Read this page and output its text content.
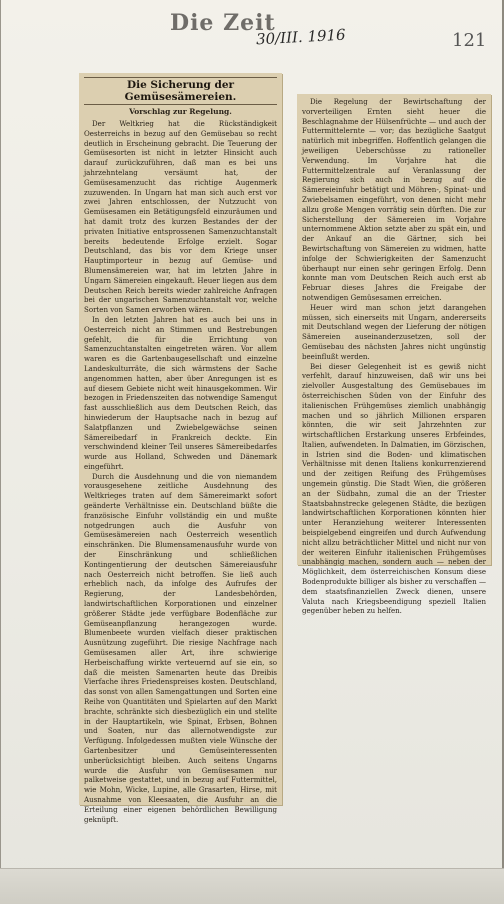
Die Zeit
30/III. 1916	121
Die Sicherung der Gemüsesämereien.
Vorschlag zur Regelung.

Der Weltkrieg hat die Rückständigkeit Oesterreichs in bezug auf den Gemüsebau so recht deutlich in Erscheinung gebracht. Die Teuerung der Gemüsesorten ist nicht in letzter Hinsicht auch darauf zurückzuführen, daß man es bei uns jahrzehntelang versäumt hat, der Gemüsesamenzucht das richtige Augenmerk zuzuwenden. In Ungarn hat man sich auch erst vor zwei Jahren entschlossen, der Nutzzucht von Gemüsesamen ein Betätigungsfeld einzuräumen und hat damit trotz des kurzen Bestandes der der privaten Initiative entsprossenen Samenzuchtanstalt bereits bedeutende Erfolge erzielt. Sogar Deutschland, das bis vor dem Kriege unser Hauptimporteur in bezug auf Gemüse- und Blumensämereien war, hat im letzten Jahre in Ungarn Sämereien eingekauft. Heuer liegen aus dem Deutschen Reich bereits wieder zahlreiche Anfragen bei der ungarischen Samenzuchtanstalt vor, welche Sorten von Samen erworben wären.

In den letzten Jahren hat es auch bei uns in Oesterreich nicht an Stimmen und Bestrebungen gefehlt, die für die Errichtung von Samenzuchtanstalten eingetreten wären. Vor allem waren es die Gartenbaugesellschaft und einzelne Landeskulturräte, die sich wärmstens der Sache angenommen hatten, aber über Anregungen ist es auf diesem Gebiete nicht weit hinausgekommen. Wir bezogen in Friedenszeiten das notwendige Samengut fast ausschließlich aus dem Deutschen Reich, das hinwiederum der Hauptsache nach in bezug auf Salatpflanzen und Zwiebelgewächse seinen Sämereibedarf in Frankreich deckte. Ein verschwindend kleiner Teil unseres Sämereibedarfes wurde aus Holland, Schweden und Dänemark eingeführt.

Durch die Ausdehnung und die von niemandem vorausgesehene zeitliche Ausdehnung des Weltkrieges traten auf dem Sämereimarkt sofort geänderte Verhältnisse ein. Deutschland büßte die französische Einfuhr vollständig ein und mußte notgedrungen auch die Ausfuhr von Gemüsesämereien nach Oesterreich wesentlich einschränken. Die Blumensamenausfuhr wurde von der Einschränkung und schließlichen Kontingentierung der deutschen Sämereiausfuhr nach Oesterreich nicht betroffen. Sie ließ auch erheblich nach, da infolge des Aufrufes der Regierung, der Landesbehörden, landwirtschaftlichen Korporationen und einzelner größerer Städte jede verfügbare Bodenfläche zur Gemüseanpflanzung herangezogen wurde. Blumenbeete wurden vielfach dieser praktischen Ausnützung zugeführt. Die riesige Nachfrage nach Gemüsesamen aller Art, ihre schwierige Herbeischaffung wirkte verteuernd auf sie ein, so daß die meisten Samenarten heute das Dreibis Vierfache ihres Friedenspreises kosten. Deutschland, das sonst von allen Samengattungen und Sorten eine Reihe von Quantitäten und Spielarten auf den Markt brachte, schränkte sich diesbezüglich ein und stellte in der Hauptartikeln, wie Spinat, Erbsen, Bohnen und Soaten, nur das allernotwendigste zur Verfügung. Infolgedessen mußten viele Wünsche der Gartenbesitzer und Gemüseinteressenten unberücksichtigt bleiben. Auch seitens Ungarns wurde die Ausfuhr von Gemüsesamen nur palketweise gestattet, und in bezug auf Futtermittel, wie Mohn, Wicke, Lupine, alle Grasarten, Hirse, mit Ausnahme von Kleesaaten, die Ausfuhr an die Erteilung einer eigenen behördlichen Bewilligung geknüpft.

Die Regelung der Bewirtschaftung der vorverteiligen Ernten sieht heuer die Beschlagnahme der Hülsenfrüchte — und auch der Futtermittelernte — vor; das bezügliche Saatgut natürlich mit inbegriffen. Hoffentlich gelangen die jeweiligen Ueberschüsse zu rationeller Verwendung. Im Vorjahre hat die Futtermittelzentrale auf Veranlassung der Regierung sich auch in bezug auf die Sämereieinfuhr betätigt und Möhren-, Spinat- und Zwiebelsamen eingeführt, von denen nicht mehr allzu große Mengen vorrätig sein dürften. Die zur Sicherstellung der Sämereien im Vorjahre unternommene Aktion setzte aber zu spät ein, und der Ankauf an die Gärtner, sich bei Bewirtschaftung von Sämereien zu widmen, hatte infolge der Schwierigkeiten der Samenzucht überhaupt nur einen sehr geringen Erfolg. Denn konnte man vom Deutschen Reich auch erst ab Februar dieses Jahres die Freigabe der notwendigen Gemüsesamen erreichen.

Heuer wird man schon jetzt darangehen müssen, sich einerseits mit Ungarn, andererseits mit Deutschland wegen der Lieferung der nötigen Sämereien auseinanderzusetzen, soll der Gemüsebau des nächsten Jahres nicht ungünstig beeinflußt werden.

Bei dieser Gelegenheit ist es gewiß nicht verfehlt, darauf hinzuweisen, daß wir uns bei zielvoller Ausgestaltung des Gemüsebaues im österreichischen Süden von der Einfuhr des italienischen Frühgemüses ziemlich unabhängig machen und so jährlich Millionen ersparen könnten, die wir seit Jahrzehnten zur wirtschaftlichen Erstarkung unseres Erbfeindes, Italien, aufwendeten. In Dalmatien, im Görzischen, in Istrien sind die Boden- und klimatischen Verhältnisse mit denen Italiens konkurrenzierend und der zeitigen Reifung des Frühgemüses ungemein günstig. Die Stadt Wien, die größeren an der Südbahn, zumal die an der Triester Staatsbahnstrecke gelegenen Städte, die bezügen landwirtschaftlichen Korporationen könnten hier unter Heranziehung weiterer Interessenten beispielgebend eingreifen und durch Aufwendung nicht allzu beträchtlicher Mittel und nicht nur von der weiteren Einfuhr italienischen Frühgemüses unabhängig machen, sondern auch — neben der Möglichkeit, dem österreichischen Konsum diese Bodenprodukte billiger als bisher zu verschaffen — dem staatsfinanziellen Zweck dienen, unsere Valuta nach Kriegsbeendigung speziell Italien gegenüber heben zu helfen.
